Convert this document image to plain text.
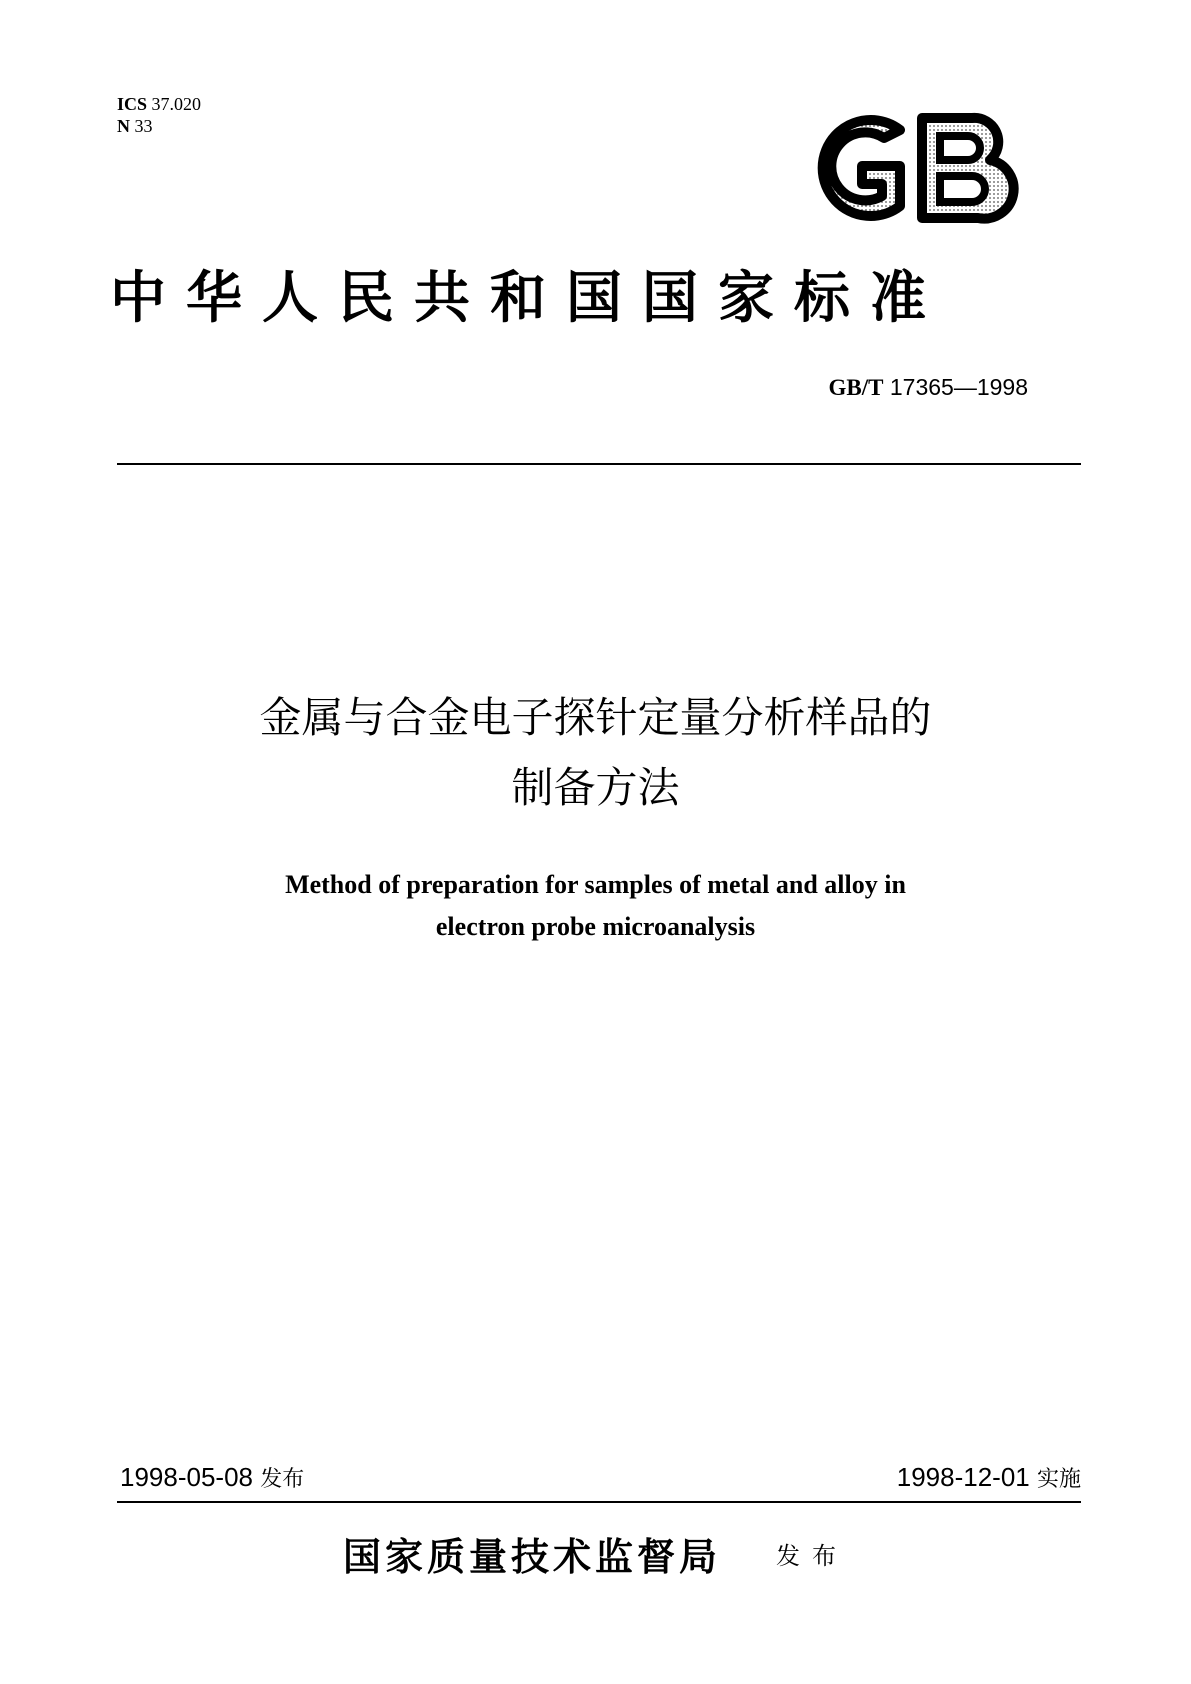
ICS 37.020
N 33
中华人民共和国国家标准
GB/T 17365—1998
金属与合金电子探针定量分析样品的
制备方法
Method of preparation for samples of metal and alloy in
electron probe microanalysis
1998-05-08 发布	1998-12-01 实施
国家质量技术监督局 发布
